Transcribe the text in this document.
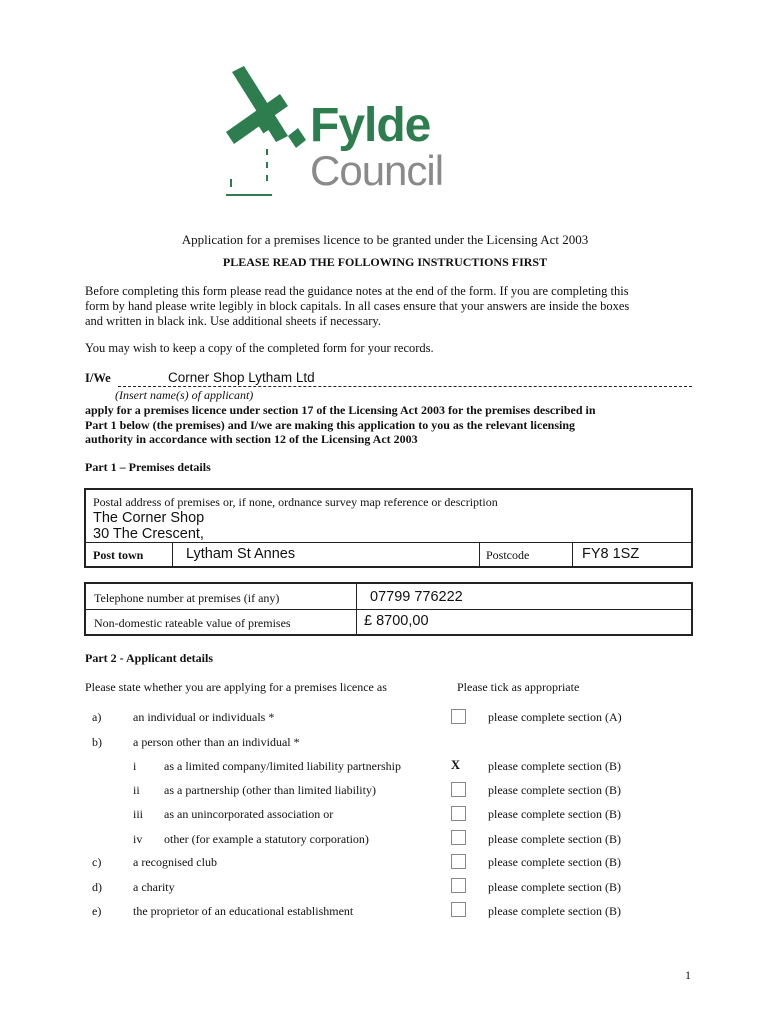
Fylde
Council
Application for a premises licence to be granted under the Licensing Act 2003
PLEASE READ THE FOLLOWING INSTRUCTIONS FIRST
Before completing this form please read the guidance notes at the end of the form. If you are completing this
form by hand please write legibly in block capitals. In all cases ensure that your answers are inside the boxes
and written in black ink. Use additional sheets if necessary.
You may wish to keep a copy of the completed form for your records.
I/We	Corner Shop Lytham Ltd
(Insert name(s) of applicant)
apply for a premises licence under section 17 of the Licensing Act 2003 for the premises described in
Part 1 below (the premises) and I/we are making this application to you as the relevant licensing
authority in accordance with section 12 of the Licensing Act 2003
Part 1 – Premises details
Postal address of premises or, if none, ordnance survey map reference or description
The Corner Shop
30 The Crescent,
Post town	Lytham St Annes	Postcode	FY8 1SZ
Telephone number at premises (if any)	07799 776222
Non-domestic rateable value of premises	£ 8700,00
Part 2 - Applicant details
Please state whether you are applying for a premises licence as	Please tick as appropriate
a)	an individual or individuals *	please complete section (A)
b)	a person other than an individual *
i as a limited company/limited liability partnership	X please complete section (B)
ii as a partnership (other than limited liability)	please complete section (B)
iii as an unincorporated association or	please complete section (B)
iv other (for example a statutory corporation)	please complete section (B)
c)	a recognised club	please complete section (B)
d)	a charity	please complete section (B)
e)	the proprietor of an educational establishment	please complete section (B)
1
